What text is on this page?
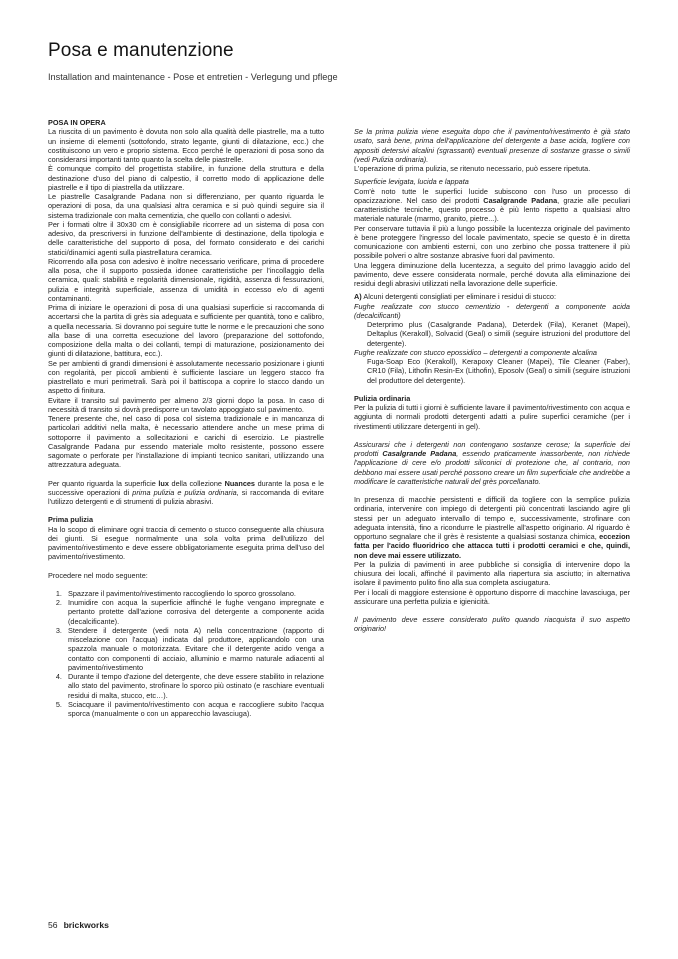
Posa e manutenzione

Installation and maintenance - Pose et entretien - Verlegung und pflege

POSA IN OPERA

La riuscita di un pavimento è dovuta non solo alla qualità delle piastrelle, ma a tutto un insieme di elementi (sottofondo, strato legante, giunti di dilatazione, ecc.) che costituiscono un vero e proprio sistema. Ecco perché le operazioni di posa sono da considerarsi importanti tanto quanto la scelta delle piastrelle.

È comunque compito del progettista stabilire, in funzione della struttura e della destinazione d'uso del piano di calpestio, il corretto modo di applicazione delle piastrelle e il tipo di piastrella da utilizzare.

Le piastrelle Casalgrande Padana non si differenziano, per quanto riguarda le operazioni di posa, da una qualsiasi altra ceramica e si può quindi seguire sia il sistema tradizionale con malta cementizia, che quello con collanti o adesivi.

Per i formati oltre il 30x30 cm è consigliabile ricorrere ad un sistema di posa con adesivo, da prescriversi in funzione dell'ambiente di destinazione, della tipologia e delle caratteristiche del supporto di posa, del formato considerato e dei carichi statici/dinamici agenti sulla piastrellatura ceramica.

Ricorrendo alla posa con adesivo è inoltre necessario verificare, prima di procedere alla posa, che il supporto possieda idonee caratteristiche per l'incollaggio della ceramica, quali: stabilità e regolarità dimensionale, rigidità, assenza di fessurazioni, pulizia e integrità superficiale, assenza di umidità in eccesso e/o di agenti contaminanti.

Prima di iniziare le operazioni di posa di una qualsiasi superficie si raccomanda di accertarsi che la partita di grès sia adeguata e sufficiente per quantità, tono e calibro, a quella necessaria. Si dovranno poi seguire tutte le norme e le precauzioni che sono alla base di una corretta esecuzione del lavoro (preparazione del sottofondo, composizione della malta o dei collanti, tempi di maturazione, posizionamento dei giunti di dilatazione, battitura, ecc.).

Se per ambienti di grandi dimensioni è assolutamente necessario posizionare i giunti con regolarità, per piccoli ambienti è sufficiente lasciare un leggero stacco fra piastrellato e muri perimetrali. Sarà poi il battiscopa a coprire lo stacco dando un aspetto di finitura.

Evitare il transito sul pavimento per almeno 2/3 giorni dopo la posa. In caso di necessità di transito si dovrà predisporre un tavolato appoggiato sul pavimento.

Tenere presente che, nel caso di posa col sistema tradizionale e in mancanza di particolari additivi nella malta, è necessario attendere anche un mese prima di sottoporre il pavimento a sollecitazioni e carichi di esercizio. Le piastrelle Casalgrande Padana pur essendo materiale molto resistente, possono essere sagomate o perforate per l'installazione di impianti tecnico sanitari, utilizzando una attrezzatura adeguata.

Per quanto riguarda la superficie lux della collezione Nuances durante la posa e le successive operazioni di prima pulizia e pulizia ordinaria, si raccomanda di evitare l'utilizzo detergenti e di strumenti di pulizia abrasivi.

Prima pulizia

Ha lo scopo di eliminare ogni traccia di cemento o stucco conseguente alla chiusura dei giunti. Si esegue normalmente una sola volta prima dell'utilizzo del pavimento/rivestimento e deve essere obbligatoriamente eseguita prima dell'uso del pavimento/rivestimento.

Procedere nel modo seguente:

1. Spazzare il pavimento/rivestimento raccogliendo lo sporco grossolano.
2. Inumidire con acqua la superficie affinché le fughe vengano impregnate e pertanto protette dall'azione corrosiva del detergente a componente acida (decalcificante).
3. Stendere il detergente (vedi nota A) nella concentrazione (rapporto di miscelazione con l'acqua) indicata dal produttore, applicandolo con una spazzola manuale o motorizzata. Evitare che il detergente acido venga a contatto con componenti di acciaio, alluminio e marmo naturale adiacenti al pavimento/rivestimento
4. Durante il tempo d'azione del detergente, che deve essere stabilito in relazione allo stato del pavimento, strofinare lo sporco più ostinato (e raschiare eventuali residui di malta, stucco, etc…).
5. Sciacquare il pavimento/rivestimento con acqua e raccogliere subito l'acqua sporca (manualmente o con un apparecchio lavasciuga).

Se la prima pulizia viene eseguita dopo che il pavimento/rivestimento è già stato usato, sarà bene, prima dell'applicazione del detergente a base acida, togliere con appositi detersivi alcalini (sgrassanti) eventuali presenze di sostanze grasse o simili (vedi Pulizia ordinaria).

L'operazione di prima pulizia, se ritenuto necessario, può essere ripetuta.

Superficie levigata, lucida e lappata

Com'è noto tutte le superfici lucide subiscono con l'uso un processo di opacizzazione. Nel caso dei prodotti Casalgrande Padana, grazie alle peculiari caratteristiche tecniche, questo processo è più lento rispetto a qualsiasi altro materiale naturale (marmo, granito, pietre...).

Per conservare tuttavia il più a lungo possibile la lucentezza originale del pavimento è bene proteggere l'ingresso del locale pavimentato, specie se questo è in diretta comunicazione con ambienti esterni, con uno zerbino che possa trattenere il più possibile polveri o altre sostanze abrasive fuori dal pavimento.

Una leggera diminuzione della lucentezza, a seguito del primo lavaggio acido del pavimento, deve essere considerata normale, perché dovuta alla eliminazione dei residui degli abrasivi utilizzati nella lavorazione delle superficie.

A) Alcuni detergenti consigliati per eliminare i residui di stucco:

Fughe realizzate con stucco cementizio - detergenti a componente acida (decalcificanti)

Deterprimo plus (Casalgrande Padana), Deterdek (Fila), Keranet (Mapei), Deltaplus (Kerakoll), Solvacid (Geal) o simili (seguire istruzioni del produttore del detergente).

Fughe realizzate con stucco epossidico – detergenti a componente alcalina

Fuga-Soap Eco (Kerakoll), Kerapoxy Cleaner (Mapei), Tile Cleaner (Faber), CR10 (Fila), Lithofin Resin-Ex (Lithofin), Eposolv (Geal) o simili (seguire istruzioni del produttore del detergente).

Pulizia ordinaria

Per la pulizia di tutti i giorni è sufficiente lavare il pavimento/rivestimento con acqua e aggiunta di normali prodotti detergenti adatti a pulire superfici ceramiche (per i rivestimenti utilizzare detergenti in gel).

Assicurarsi che i detergenti non contengano sostanze cerose; la superficie dei prodotti Casalgrande Padana, essendo praticamente inassorbente, non richiede l'applicazione di cere e/o prodotti siliconici di protezione che, al contrario, non debbono mai essere usati perché possono creare un film superficiale che andrebbe a modificare le caratteristiche naturali del grès porcellanato.

In presenza di macchie persistenti e difficili da togliere con la semplice pulizia ordinaria, intervenire con impiego di detergenti più concentrati lasciando agire gli stessi per un adeguato intervallo di tempo e, successivamente, strofinare con adeguata intensità, fino a ricondurre le piastrelle all'aspetto originario. Al riguardo è opportuno segnalare che il grès è resistente a qualsiasi sostanza chimica, eccezion fatta per l'acido fluoridrico che attacca tutti i prodotti ceramici e che, quindi, non deve mai essere utilizzato.

Per la pulizia di pavimenti in aree pubbliche si consiglia di intervenire dopo la chiusura dei locali, affinché il pavimento alla riapertura sia asciutto; in alternativa isolare il pavimento pulito fino alla sua completa asciugatura.

Per i locali di maggiore estensione è opportuno disporre di macchine lavasciuga, per assicurare una perfetta pulizia e igienicità.

Il pavimento deve essere considerato pulito quando riacquista il suo aspetto originario!

56 brickworks
